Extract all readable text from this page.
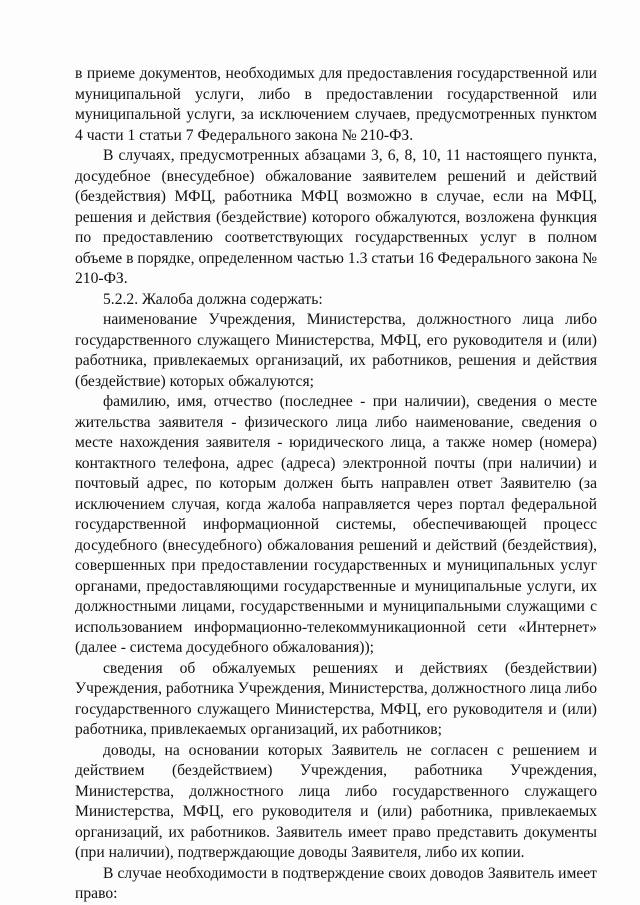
в приеме документов, необходимых для предоставления государственной или муниципальной услуги, либо в предоставлении государственной или муниципальной услуги, за исключением случаев, предусмотренных пунктом 4 части 1 статьи 7 Федерального закона № 210-ФЗ.

В случаях, предусмотренных абзацами 3, 6, 8, 10, 11 настоящего пункта, досудебное (внесудебное) обжалование заявителем решений и действий (бездействия) МФЦ, работника МФЦ возможно в случае, если на МФЦ, решения и действия (бездействие) которого обжалуются, возложена функция по предоставлению соответствующих государственных услуг в полном объеме в порядке, определенном частью 1.3 статьи 16 Федерального закона № 210-ФЗ.

5.2.2. Жалоба должна содержать:

наименование Учреждения, Министерства, должностного лица либо государственного служащего Министерства, МФЦ, его руководителя и (или) работника, привлекаемых организаций, их работников, решения и действия (бездействие) которых обжалуются;

фамилию, имя, отчество (последнее - при наличии), сведения о месте жительства заявителя - физического лица либо наименование, сведения о месте нахождения заявителя - юридического лица, а также номер (номера) контактного телефона, адрес (адреса) электронной почты (при наличии) и почтовый адрес, по которым должен быть направлен ответ Заявителю (за исключением случая, когда жалоба направляется через портал федеральной государственной информационной системы, обеспечивающей процесс досудебного (внесудебного) обжалования решений и действий (бездействия), совершенных при предоставлении государственных и муниципальных услуг органами, предоставляющими государственные и муниципальные услуги, их должностными лицами, государственными и муниципальными служащими с использованием информационно-телекоммуникационной сети «Интернет» (далее - система досудебного обжалования));

сведения об обжалуемых решениях и действиях (бездействии) Учреждения, работника Учреждения, Министерства, должностного лица либо государственного служащего Министерства, МФЦ, его руководителя и (или) работника, привлекаемых организаций, их работников;

доводы, на основании которых Заявитель не согласен с решением и действием (бездействием) Учреждения, работника Учреждения, Министерства, должностного лица либо государственного служащего Министерства, МФЦ, его руководителя и (или) работника, привлекаемых организаций, их работников. Заявитель имеет право представить документы (при наличии), подтверждающие доводы Заявителя, либо их копии.

В случае необходимости в подтверждение своих доводов Заявитель имеет право:
